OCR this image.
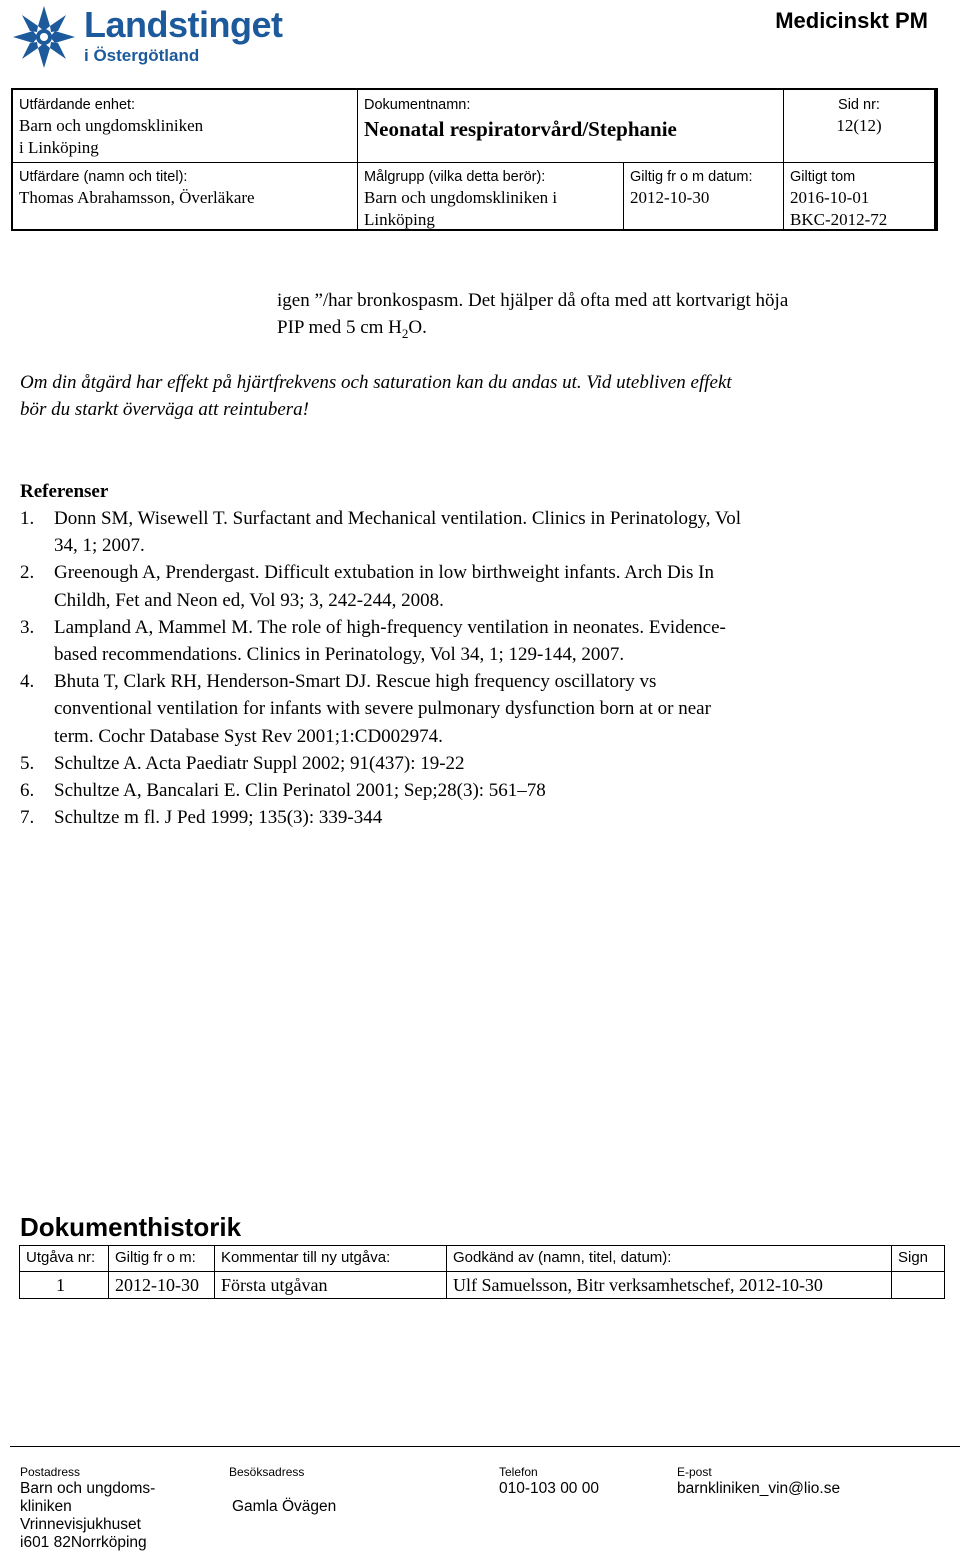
Landstinget
i Östergötland
Medicinskt PM
Utfärdande enhet:
Barn och ungdomskliniken
i Linköping
Dokumentnamn:
Neonatal respiratorvård/Stephanie
Sid nr:
12(12)
Utfärdare (namn och titel):
Thomas Abrahamsson, Överläkare
Målgrupp (vilka detta berör):
Barn och ungdomskliniken i
Linköping
Giltig fr o m datum:
2012-10-30
Giltigt tom
2016-10-01
BKC-2012-72
igen ”/har bronkospasm. Det hjälper då ofta med att kortvarigt höja
PIP med 5 cm $H_2O$.
Om din åtgärd har effekt på hjärtfrekvens och saturation kan du andas ut. Vid utebliven effekt
bör du starkt överväga att reintubera!
Referenser
1. Donn SM, Wisewell T. Surfactant and Mechanical ventilation. Clinics in Perinatology, Vol
34, 1; 2007.
2. Greenough A, Prendergast. Difficult extubation in low birthweight infants. Arch Dis In
Childh, Fet and Neon ed, Vol 93; 3, 242-244, 2008.
3. Lampland A, Mammel M. The role of high-frequency ventilation in neonates. Evidence-
based recommendations. Clinics in Perinatology, Vol 34, 1; 129-144, 2007.
4. Bhuta T, Clark RH, Henderson-Smart DJ. Rescue high frequency oscillatory vs
conventional ventilation for infants with severe pulmonary dysfunction born at or near
term. Cochr Database Syst Rev 2001;1:CD002974.
5. Schultze A. Acta Paediatr Suppl 2002; 91(437): 19-22
6. Schultze A, Bancalari E. Clin Perinatol 2001; Sep;28(3): 561–78
7. Schultze m fl. J Ped 1999; 135(3): 339-344
Dokumenthistorik
Utgåva nr:	Giltig fr o m:	Kommentar till ny utgåva:	Godkänd av (namn, titel, datum):	Sign
1	2012-10-30	Första utgåvan	Ulf Samuelsson, Bitr verksamhetschef, 2012-10-30
Postadress
Barn och ungdoms-
kliniken
Vrinnevisjukhuset
i601 82Norrköping
Besöksadress
Gamla Övägen
Telefon
010-103 00 00
E-post
barnkliniken_vin@lio.se
